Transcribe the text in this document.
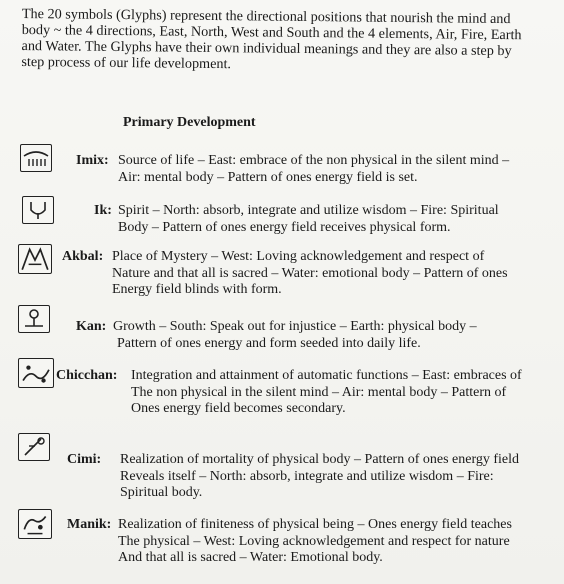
The 20 symbols (Glyphs) represent the directional positions that nourish the mind and
body ~ the 4 directions, East, North, West and South and the 4 elements, Air, Fire, Earth
and Water. The Glyphs have their own individual meanings and they are also a step by
step process of our life development.
Primary Development
Imix: Source of life – East: embrace of the non physical in the silent mind –
Air: mental body – Pattern of ones energy field is set.
Ik: Spirit – North: absorb, integrate and utilize wisdom – Fire: Spiritual
Body – Pattern of ones energy field receives physical form.
Akbal: Place of Mystery – West: Loving acknowledgement and respect of
Nature and that all is sacred – Water: emotional body – Pattern of ones
Energy field blinds with form.
Kan: Growth – South: Speak out for injustice – Earth: physical body –
Pattern of ones energy and form seeded into daily life.
Chicchan: Integration and attainment of automatic functions – East: embraces of
The non physical in the silent mind – Air: mental body – Pattern of
Ones energy field becomes secondary.
Cimi: Realization of mortality of physical body – Pattern of ones energy field
Reveals itself – North: absorb, integrate and utilize wisdom – Fire:
Spiritual body.
Manik: Realization of finiteness of physical being – Ones energy field teaches
The physical – West: Loving acknowledgement and respect for nature
And that all is sacred – Water: Emotional body.
